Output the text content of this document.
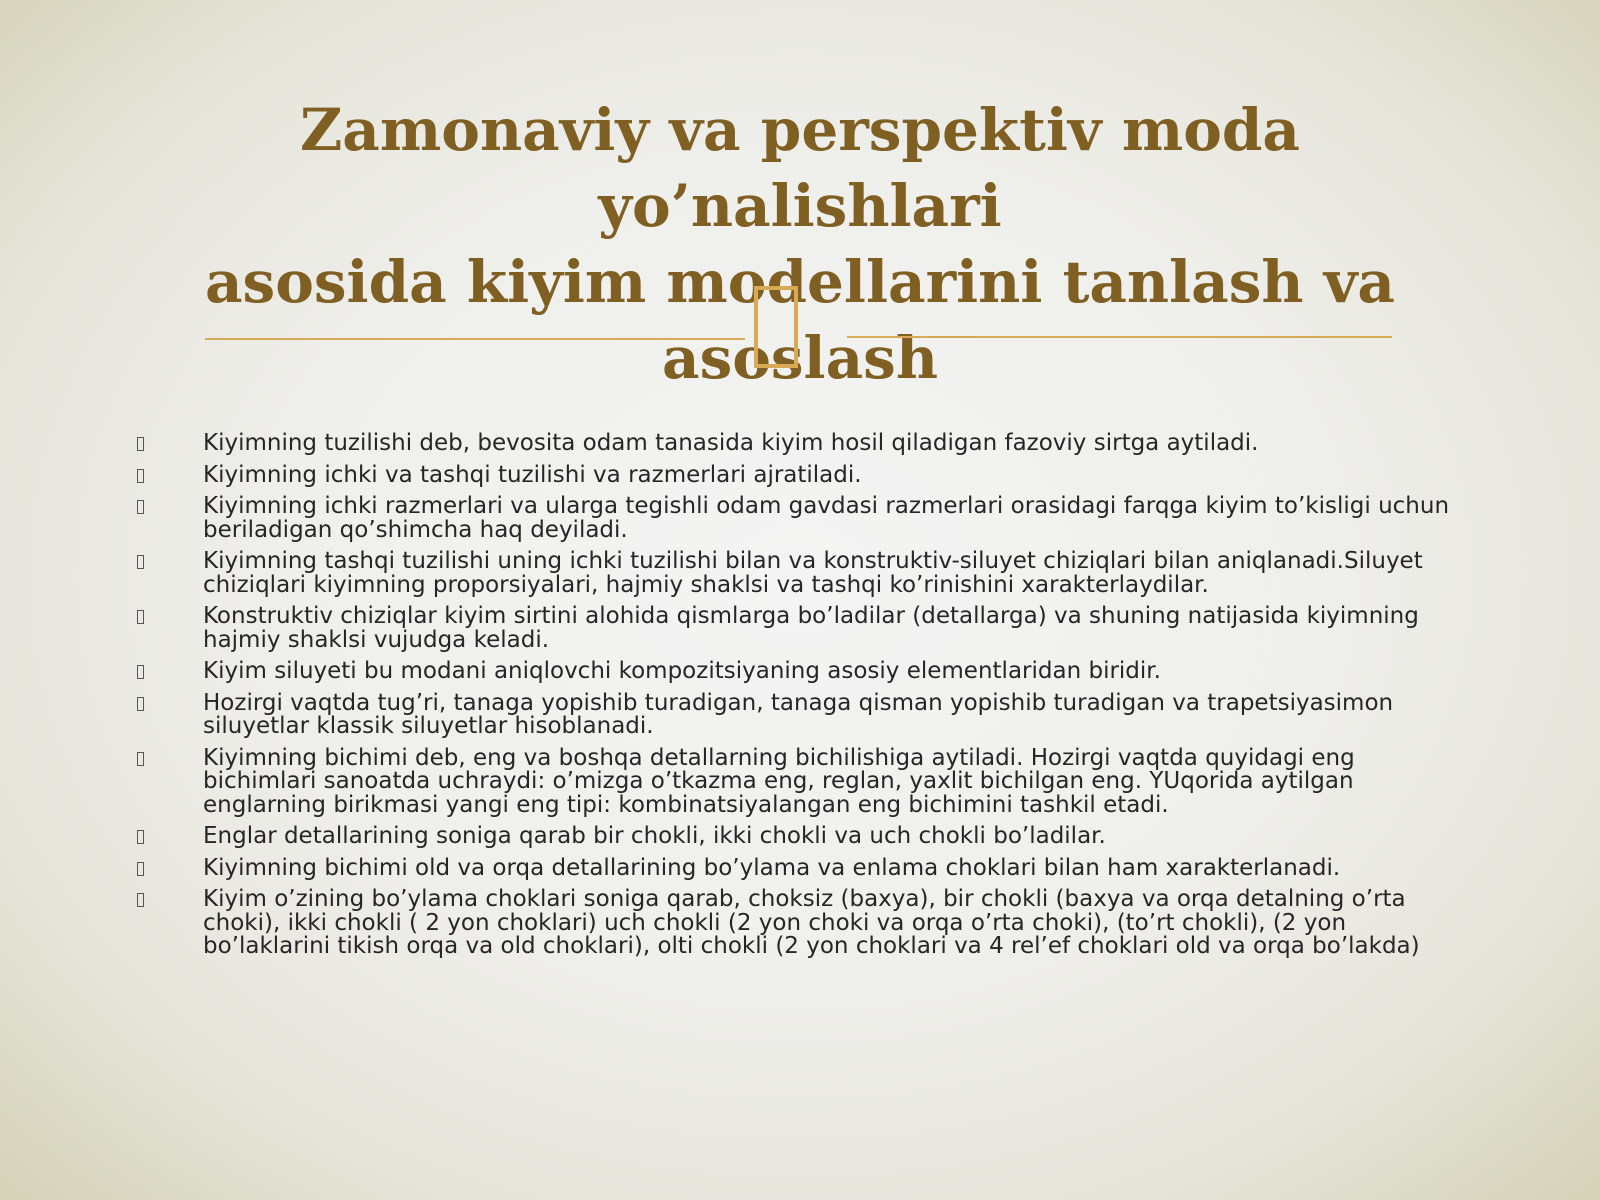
Zamonaviy va perspektiv moda yo’nalishlari
asosida kiyim modellarini tanlash va asoslash
Kiyimning tuzilishi deb, bevosita odam tanasida kiyim hosil qiladigan fazoviy sirtga aytiladi.
Kiyimning ichki va tashqi tuzilishi va razmerlari ajratiladi.
Kiyimning ichki razmerlari va ularga tegishli odam gavdasi razmerlari orasidagi farqga kiyim to’kisligi uchun beriladigan qo’shimcha haq deyiladi.
Kiyimning tashqi tuzilishi uning ichki tuzilishi bilan va konstruktiv-siluyet chiziqlari bilan aniqlanadi.Siluyet chiziqlari kiyimning proporsiyalari, hajmiy shaklsi va tashqi ko’rinishini xarakterlaydilar.
Konstruktiv chiziqlar kiyim sirtini alohida qismlarga bo’ladilar (detallarga) va shuning natijasida kiyimning hajmiy shaklsi vujudga keladi.
Kiyim siluyeti bu modani aniqlovchi kompozitsiyaning asosiy elementlaridan biridir.
Hozirgi vaqtda tug’ri, tanaga yopishib turadigan, tanaga qisman yopishib turadigan va trapetsiyasimon siluyetlar klassik siluyetlar hisoblanadi.
Kiyimning bichimi deb, eng va boshqa detallarning bichilishiga aytiladi. Hozirgi vaqtda quyidagi eng bichimlari sanoatda uchraydi: o’mizga o’tkazma eng, reglan, yaxlit bichilgan eng. YUqorida aytilgan englarning birikmasi yangi eng tipi: kombinatsiyalangan eng bichimini tashkil etadi.
Englar detallarining soniga qarab bir chokli, ikki chokli va uch chokli bo’ladilar.
Kiyimning bichimi old va orqa detallarining bo’ylama va enlama choklari bilan ham xarakterlanadi.
Kiyim o’zining bo’ylama choklari soniga qarab, choksiz (baxya), bir chokli (baxya va orqa detalning o’rta choki), ikki chokli ( 2 yon choklari) uch chokli (2 yon choki va orqa o’rta choki), (to’rt chokli), (2 yon bo’laklarini tikish orqa va old choklari), olti chokli (2 yon choklari va 4 rel’ef choklari old va orqa bo’lakda)
